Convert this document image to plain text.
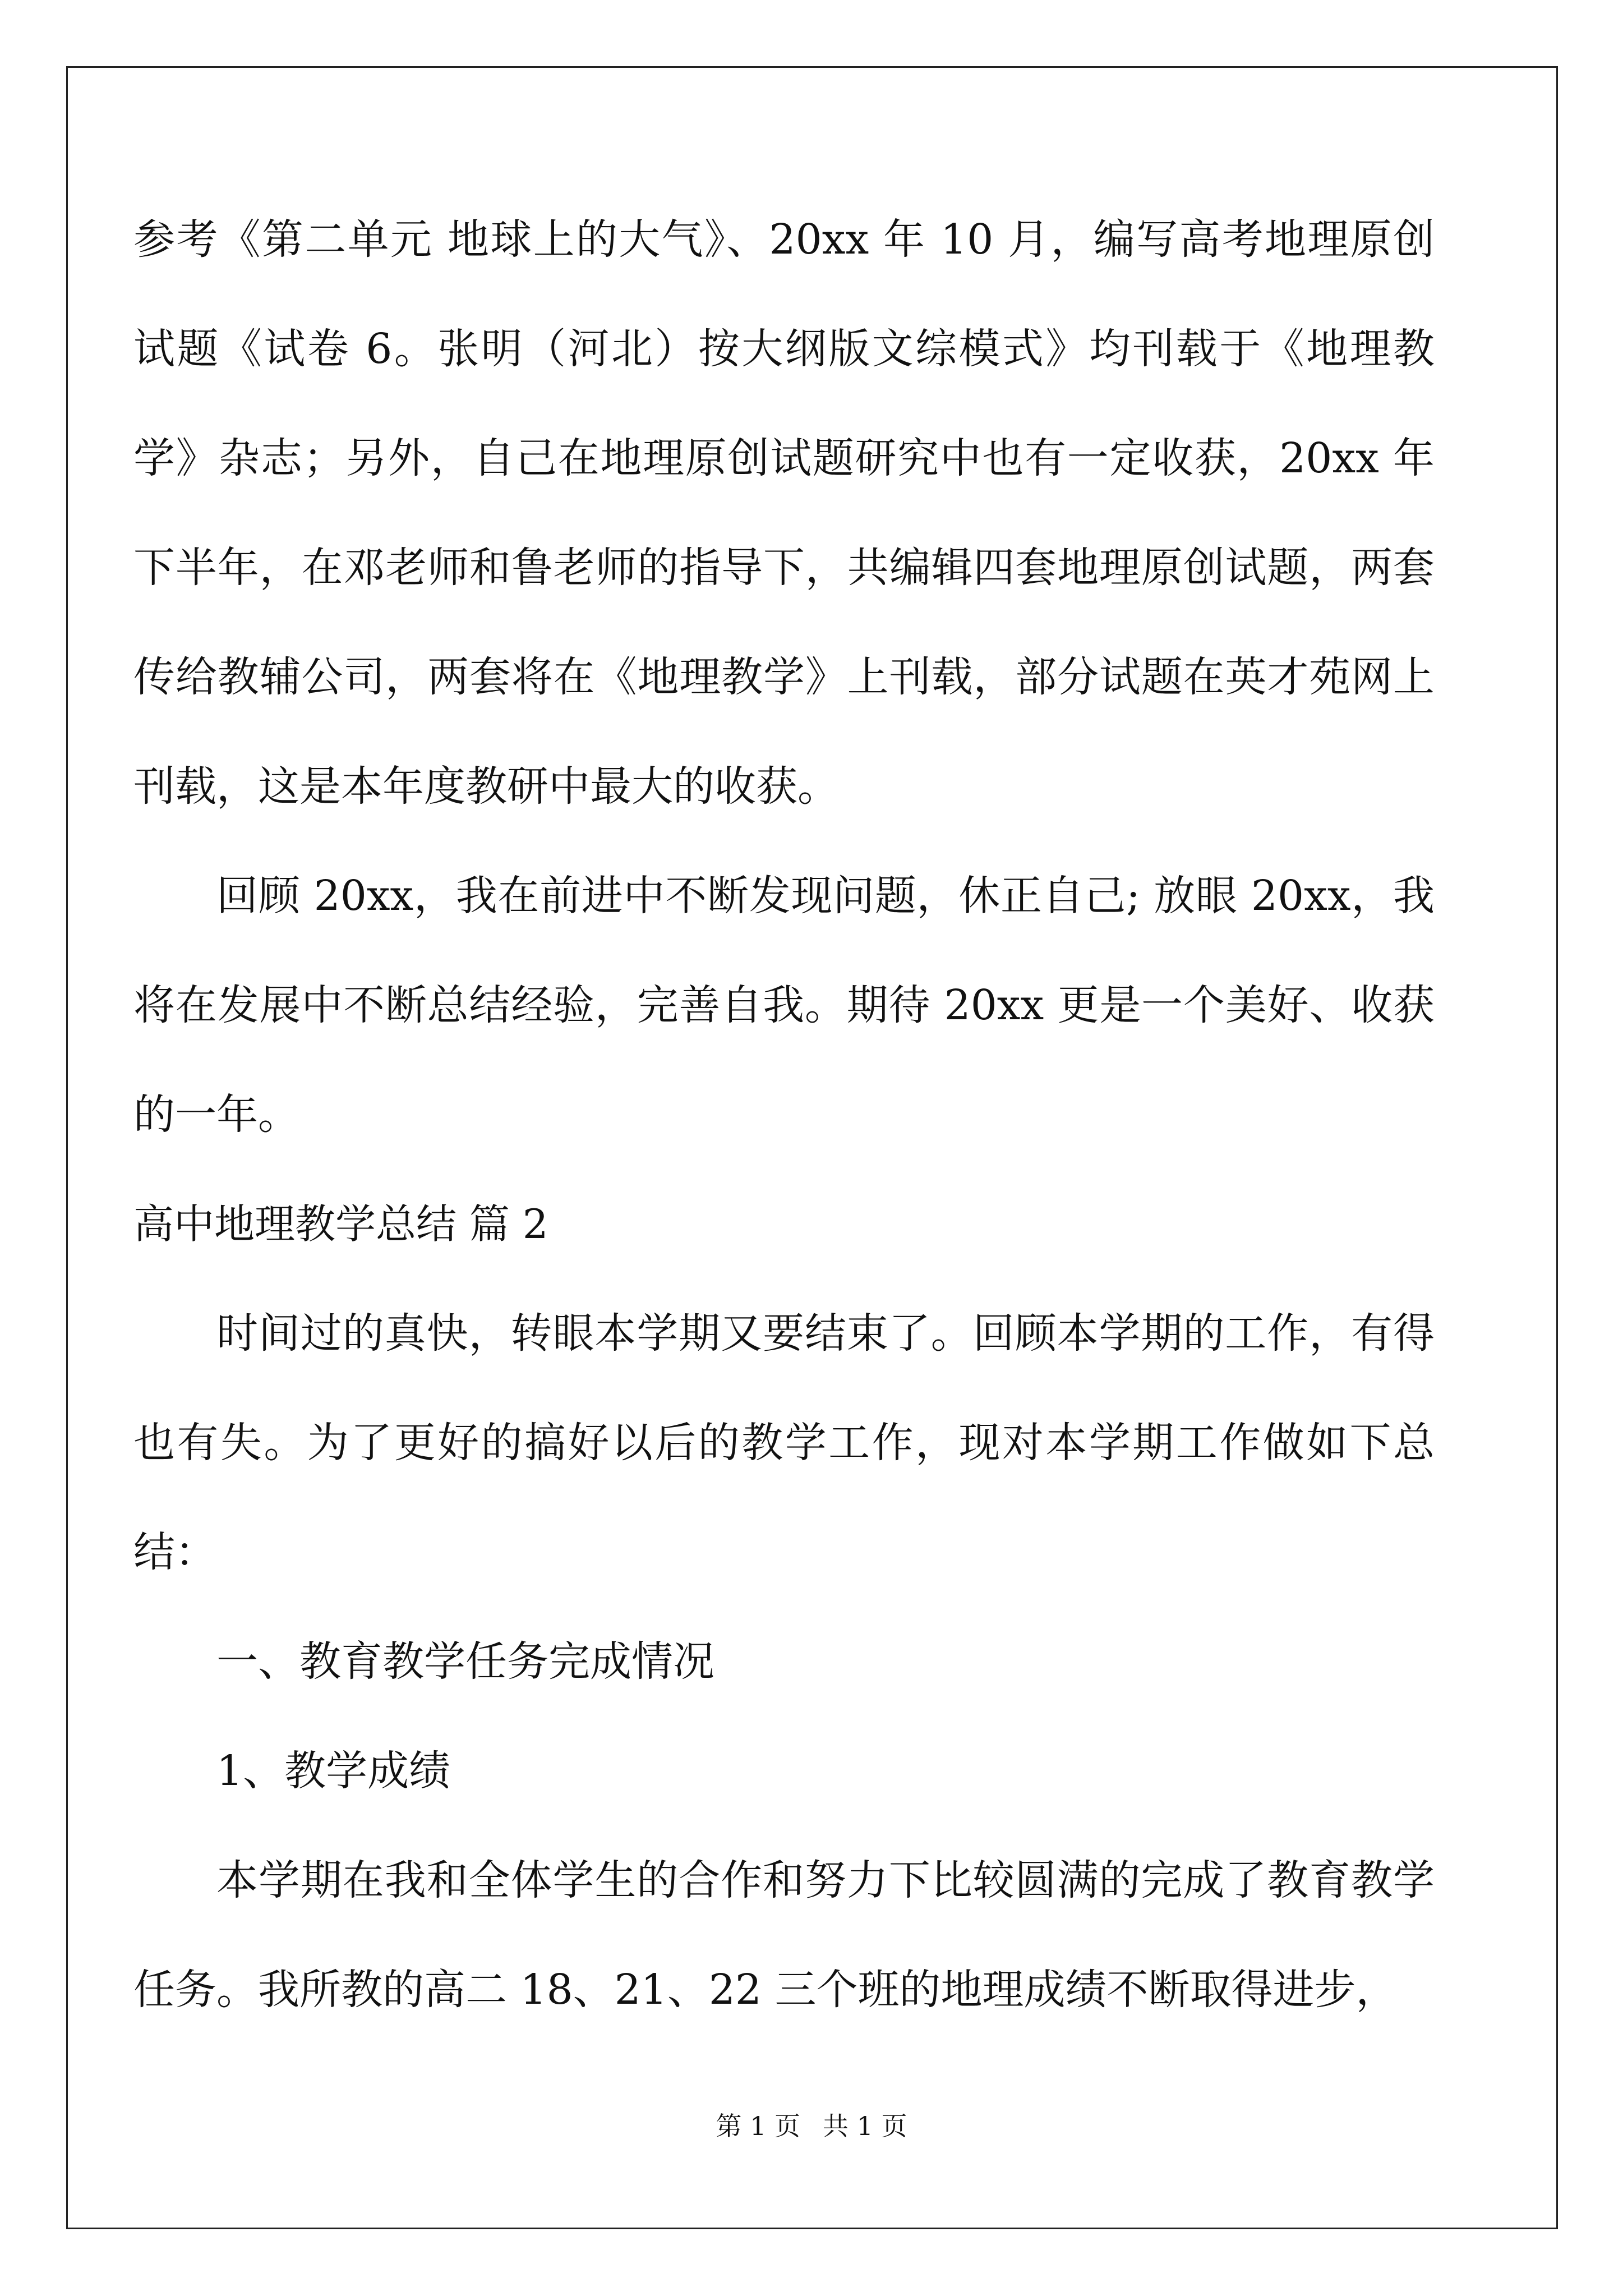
参考《第二单元 地球上的大气》、20xx 年 10 月，编写高考地理原创试题《试卷 6。张明（河北）按大纲版文综模式》均刊载于《地理教学》杂志；另外，自己在地理原创试题研究中也有一定收获，20xx 年下半年，在邓老师和鲁老师的指导下，共编辑四套地理原创试题，两套传给教辅公司，两套将在《地理教学》上刊载，部分试题在英才苑网上刊载，这是本年度教研中最大的收获。

回顾 20xx，我在前进中不断发现问题，休正自己; 放眼 20xx，我将在发展中不断总结经验，完善自我。期待 20xx 更是一个美好、收获的一年。

高中地理教学总结 篇 2

时间过的真快，转眼本学期又要结束了。回顾本学期的工作，有得也有失。为了更好的搞好以后的教学工作，现对本学期工作做如下总结：

一、教育教学任务完成情况

1、教学成绩

本学期在我和全体学生的合作和努力下比较圆满的完成了教育教学任务。我所教的高二 18、21、22 三个班的地理成绩不断取得进步，

第 1 页 共 1 页
